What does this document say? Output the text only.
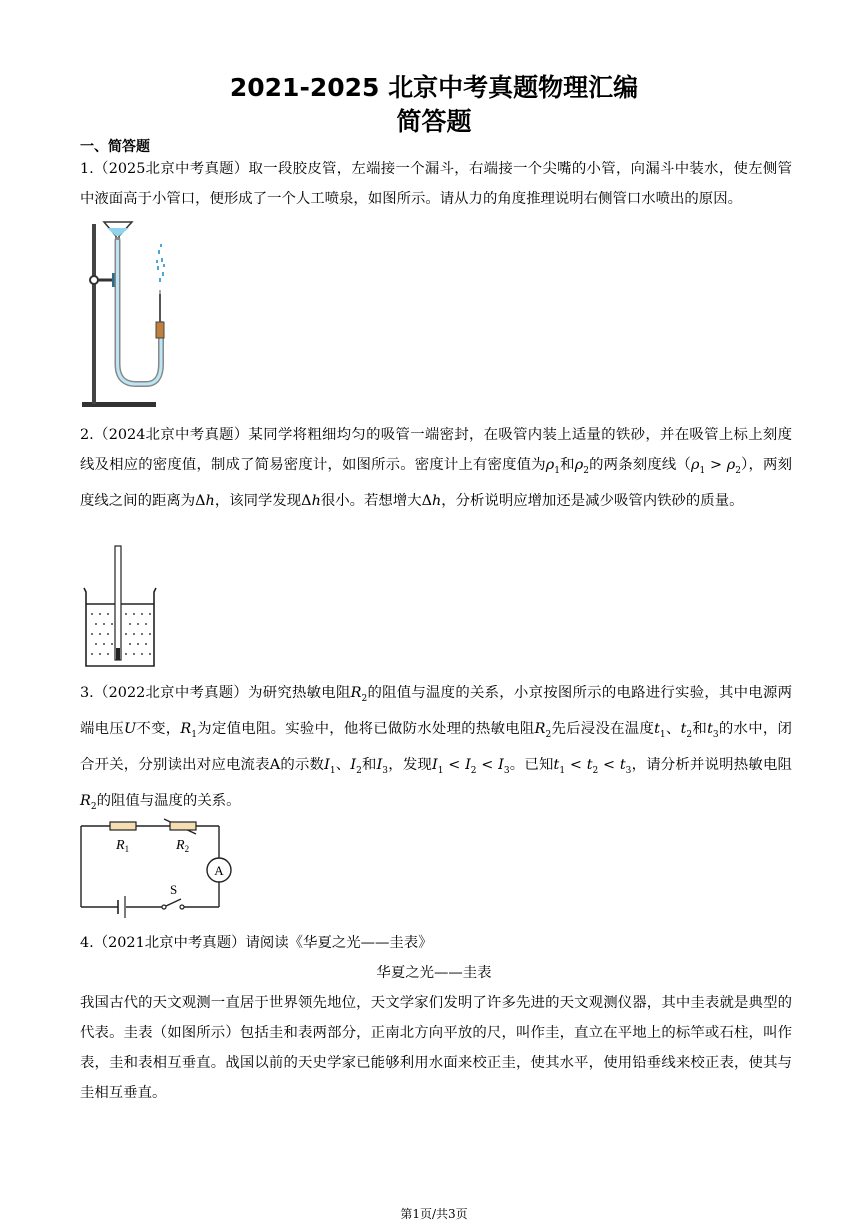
2021-2025 北京中考真题物理汇编
简答题
一、简答题
1.（2025北京中考真题）取一段胶皮管，左端接一个漏斗，右端接一个尖嘴的小管，向漏斗中装水，使左侧管中液面高于小管口，便形成了一个人工喷泉，如图所示。请从力的角度推理说明右侧管口水喷出的原因。
2.（2024北京中考真题）某同学将粗细均匀的吸管一端密封，在吸管内装上适量的铁砂，并在吸管上标上刻度线及相应的密度值，制成了简易密度计，如图所示。密度计上有密度值为$\rho_1$和$\rho_2$的两条刻度线$(\rho_1 > \rho_2)$，两刻度线之间的距离为Δh，该同学发现Δh很小。若想增大Δh，分析说明应增加还是减少吸管内铁砂的质量。
3.（2022北京中考真题）为研究热敏电阻$R_2$的阻值与温度的关系，小京按图所示的电路进行实验，其中电源两端电压U不变，$R_1$为定值电阻。实验中，他将已做防水处理的热敏电阻$R_2$先后浸没在温度$t_1$、$t_2$和$t_3$的水中，闭合开关，分别读出对应电流表A的示数$I_1$、$I_2$和$I_3$，发现$I_1 < I_2 < I_3$。已知$t_1 < t_2 < t_3$，请分析并说明热敏电阻$R_2$的阻值与温度的关系。
A
$R_1$	$R_2$
S
4.（2021北京中考真题）请阅读《华夏之光——圭表》
华夏之光——圭表
我国古代的天文观测一直居于世界领先地位，天文学家们发明了许多先进的天文观测仪器，其中圭表就是典型的代表。圭表（如图所示）包括圭和表两部分，正南北方向平放的尺，叫作圭，直立在平地上的标竿或石柱，叫作表，圭和表相互垂直。战国以前的天史学家已能够利用水面来校正圭，使其水平，使用铅垂线来校正表，使其与圭相互垂直。
第1页/共3页
